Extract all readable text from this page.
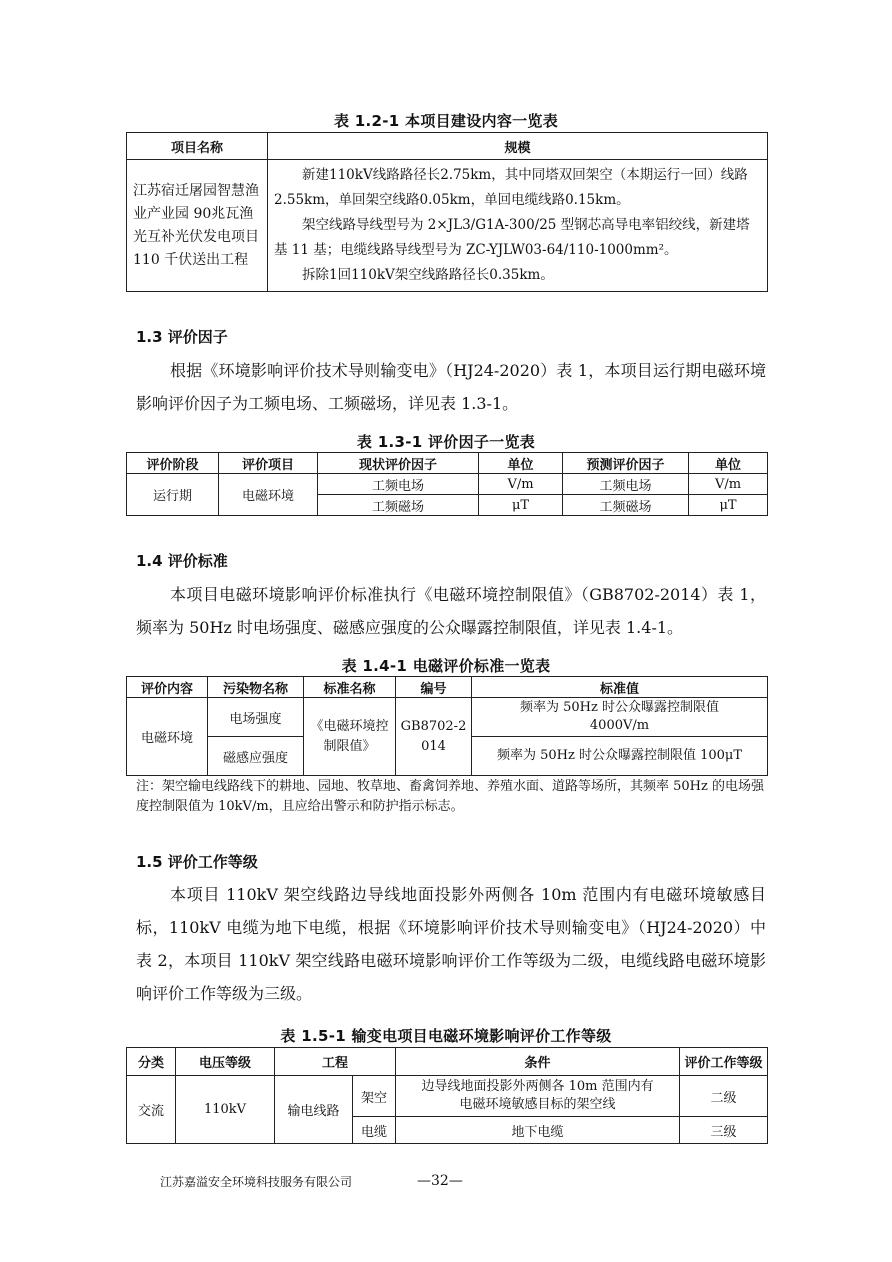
表 1.2-1 本项目建设内容一览表
项目名称	规模
江苏宿迁屠园智慧渔业产业园 90兆瓦渔光互补光伏发电项目 110 千伏送出工程	新建110kV线路路径长2.75km，其中同塔双回架空（本期运行一回）线路2.55km，单回架空线路0.05km，单回电缆线路0.15km。

架空线路导线型号为 2×JL3/G1A-300/25 型钢芯高导电率铝绞线，新建塔基 11 基；电缆线路导线型号为 ZC-YJLW03-64/110-1000mm²。

拆除1回110kV架空线路路径长0.35km。

1.3 评价因子
根据《环境影响评价技术导则输变电》（HJ24-2020）表 1，本项目运行期电磁环境影响评价因子为工频电场、工频磁场，详见表 1.3-1。
表 1.3-1 评价因子一览表
评价阶段	评价项目	现状评价因子	单位	预测评价因子	单位
运行期	电磁环境	工频电场	V/m	工频电场	V/m
		工频磁场	μT	工频磁场	μT
1.4 评价标准
本项目电磁环境影响评价标准执行《电磁环境控制限值》（GB8702-2014）表 1，频率为 50Hz 时电场强度、磁感应强度的公众曝露控制限值，详见表 1.4-1。
表 1.4-1 电磁评价标准一览表
评价内容	污染物名称	标准名称	编号	标准值
电磁环境	电场强度	《电磁环境控制限值》	GB8702-2014	频率为 50Hz 时公众曝露控制限值 4000V/m
	磁感应强度			频率为 50Hz 时公众曝露控制限值 100μT
注：架空输电线路线下的耕地、园地、牧草地、畜禽饲养地、养殖水面、道路等场所，其频率 50Hz 的电场强度控制限值为 10kV/m，且应给出警示和防护指示标志。
1.5 评价工作等级
本项目 110kV 架空线路边导线地面投影外两侧各 10m 范围内有电磁环境敏感目标，110kV 电缆为地下电缆，根据《环境影响评价技术导则输变电》（HJ24-2020）中表 2，本项目 110kV 架空线路电磁环境影响评价工作等级为二级，电缆线路电磁环境影响评价工作等级为三级。
表 1.5-1 输变电项目电磁环境影响评价工作等级
分类	电压等级	工程		条件	评价工作等级
交流	110kV	输电线路	架空	边导线地面投影外两侧各 10m 范围内有电磁环境敏感目标的架空线	二级
			电缆	地下电缆	三级
江苏嘉溢安全环境科技服务有限公司	—32—
